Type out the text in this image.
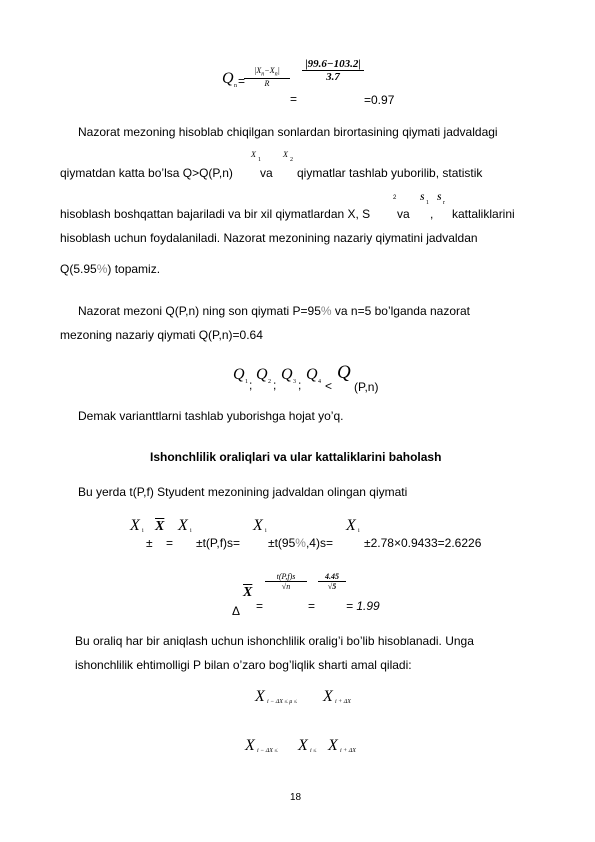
Q n =
$\frac{|X_n-X_n|}{R}$
=
$\frac{|99.6-103.2|}{3.7}$
=0.97
Nazorat mezoning hisoblab chiqilgan sonlardan birortasining qiymati jadvaldagi
qiymatdan katta bo’lsa Q>Q(P,n)
X
1
va
X
2
qiymatlar tashlab yuborilib, statistik
hisoblash boshqattan bajariladi va bir xil qiymatlardan X, S
2
va
S
1
,
S
r
kattaliklarini
hisoblash uchun foydalaniladi. Nazorat mezonining nazariy qiymatini jadvaldan
Q(5.95%) topamiz.
Nazorat mezoni Q(P,n) ning son qiymati P=95% va n=5 bo’lganda nazorat
mezoning nazariy qiymati Q(P,n)=0.64
Q 1 ;
Q 2 ;
Q 3 ;
Q 4 <
Q
(P,n)
Demak varianttlarni tashlab yuborishga hojat yo’q.
Ishonchlilik oraliqlari va ular kattaliklarini baholash
Bu yerda t(P,f) Styudent mezonining jadvaldan olingan qiymati
X i
±
$\overline{X}$
=
X i
±t(P,f)s=
X i
±t(95%,4)s=
X i
±2.78×0.9433=2.6226
Δ
$\overline{X}$
=
$\frac{t(P,f)s}{√n}$
=
$\frac{4.45}{√5}$
= 1.99
Bu oraliq har bir aniqlash uchun ishonchlilik oralig’i bo’lib hisoblanadi. Unga
ishonchlilik ehtimolligi P bilan o’zaro bog’liqlik sharti amal qiladi:
X i − ΔX ≤ μ ≤ X i + ΔX
X i − ΔX ≤ X i ≤ X i + ΔX
18
